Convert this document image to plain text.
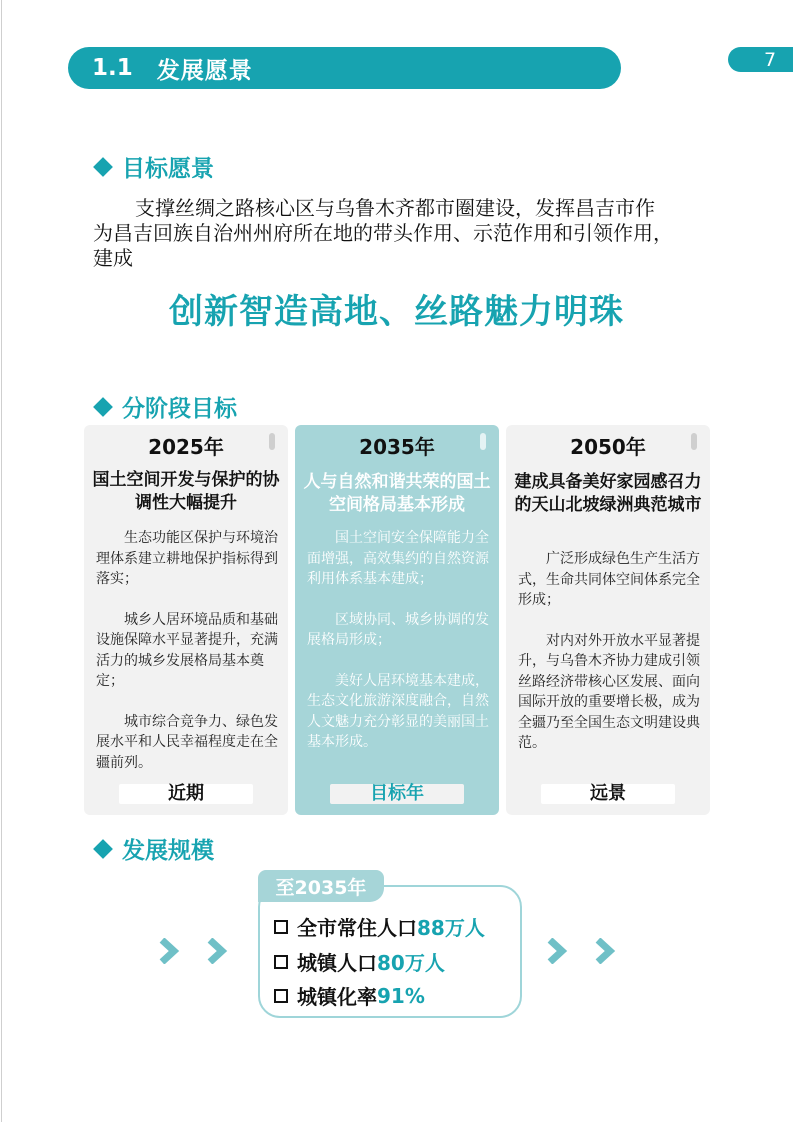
1.1 发展愿景	7
目标愿景
支撑丝绸之路核心区与乌鲁木齐都市圈建设，发挥昌吉市作
为昌吉回族自治州州府所在地的带头作用、示范作用和引领作用，
建成
创新智造高地、丝路魅力明珠
分阶段目标
2025年
国土空间开发与保护的协调性大幅提升

生态功能区保护与环境治理体系建立耕地保护指标得到落实；

城乡人居环境品质和基础设施保障水平显著提升，充满活力的城乡发展格局基本奠定；

城市综合竞争力、绿色发展水平和人民幸福程度走在全疆前列。

近期
2035年
人与自然和谐共荣的国土空间格局基本形成

国土空间安全保障能力全面增强，高效集约的自然资源利用体系基本建成；

区域协同、城乡协调的发展格局形成；

美好人居环境基本建成，生态文化旅游深度融合，自然人文魅力充分彰显的美丽国土基本形成。

目标年
2050年
建成具备美好家园感召力的天山北坡绿洲典范城市

广泛形成绿色生产生活方式，生命共同体空间体系完全形成；

对内对外开放水平显著提升，与乌鲁木齐协力建成引领丝路经济带核心区发展、面向国际开放的重要增长极，成为全疆乃至全国生态文明建设典范。

远景
发展规模
至2035年
全市常住人口 88万人
城镇人口 80万人
城镇化率 91%
